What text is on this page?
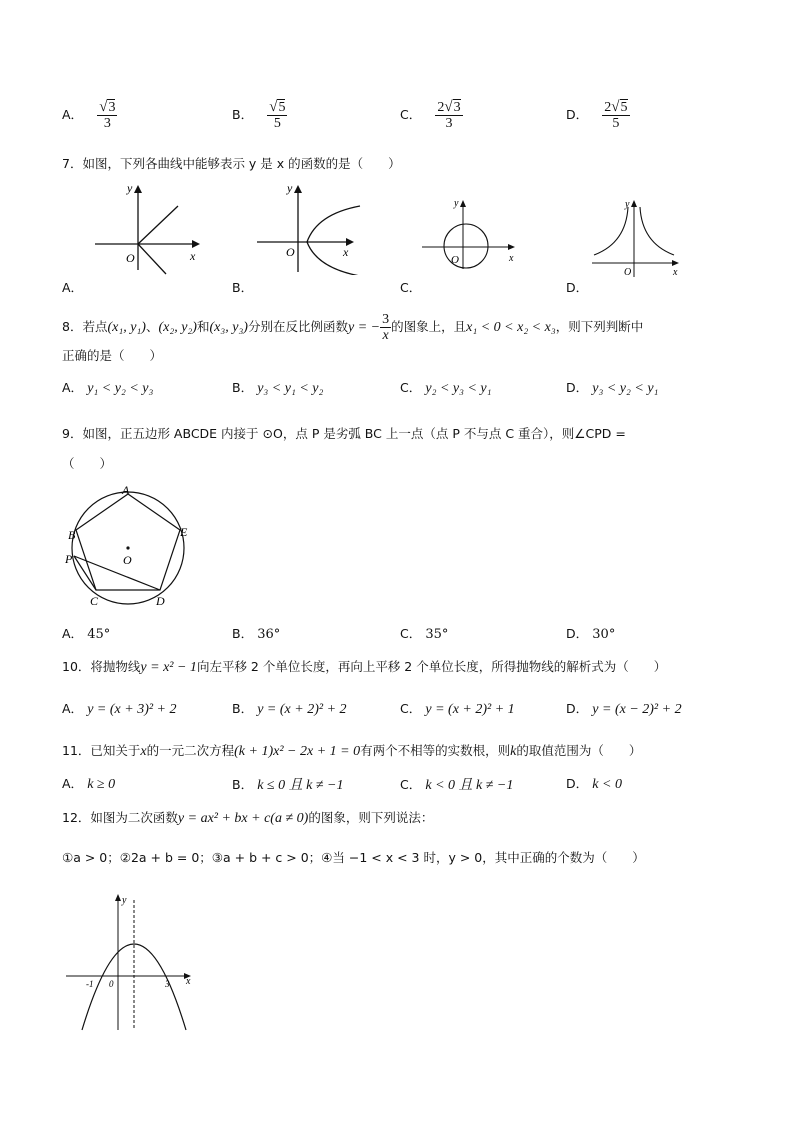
A． $\frac{√3}{3}$	B． $\frac{√5}{5}$	C． $\frac{2√3}{3}$	D． $\frac{2√5}{5}$
7．如图，下列各曲线中能够表示 y 是 x 的函数的是（　　）
y
O	x
y
O	x
y
O	x
y
O	x
A．	B．	C．	D．
8．若点(x₁, y₁)、(x₂, y₂)和(x₃, y₃)分别在反比例函数y = − $\frac{3}{x}$ 的图象上，且x₁ < 0 < x₂ < x₃，则下列判断中
正确的是（　　）
A． y₁ < y₂ < y₃	B． y₃ < y₁ < y₂	C． y₂ < y₃ < y₁	D． y₃ < y₂ < y₁
9．如图，正五边形 ABCDE 内接于 ⊙O，点 P 是劣弧 BC 上一点（点 P 不与点 C 重合），则∠CPD =
（　　）
A
B
P
C	D
E
O
A． 45°	B． 36°	C． 35°	D． 30°
10．将抛物线y = x² − 1向左平移 2 个单位长度，再向上平移 2 个单位长度，所得抛物线的解析式为（　　）
A． y = (x + 3)² + 2	B． y = (x + 2)² + 2	C． y = (x + 2)² + 1	D． y = (x − 2)² + 2
11．已知关于x的一元二次方程(k + 1)x² − 2x + 1 = 0有两个不相等的实数根，则k的取值范围为（　　）
A． k ≥ 0	B． k ≤ 0 且 k ≠ −1	C． k < 0 且 k ≠ −1	D． k < 0
12．如图为二次函数y = ax² + bx + c(a ≠ 0)的图象，则下列说法：
①a > 0；②2a + b = 0；③a + b + c > 0；④当 −1 < x < 3 时，y > 0，其中正确的个数为（　　）
y
x
-1 0	3
